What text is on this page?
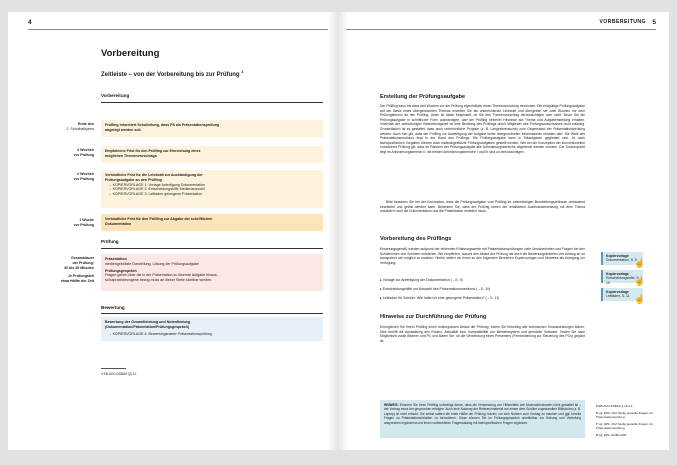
4
Vorbereitung
Zeitleiste – von der Vorbereitung bis zur Prüfung $^4$
Vorbereitung
Ende des
2. Schulhalbjahrs
Prüfling informiert Schulleitung, dass PS als Präsentationsprüfung
abgelegt werden soll.
3 Wochen
vor Prüfung
Empfohlene Frist für den Prüfling zur Einreichung eines
möglichen Themenvorschlags
2 Wochen
vor Prüfung
Verbindliche Frist für die Lehrkraft zur Aushändigung der
Prüfungsaufgabe an den Prüfling
→ KOPIERVORLAGE 1: Vorlage Anfertigung Dokumentation
→ KOPIERVORLAGE 2: Entscheidungshilfe Medienauswahl
→ KOPIERVORLAGE 3: Leitfaden gelungene Präsentation
1 Woche
vor Prüfung
Verbindliche Frist für den Prüfling zur Abgabe der schriftlichen
Dokumentation
Prüfung
Gesamtdauer
der Prüfung:
30 bis 45 Minuten
Je Prüfungsteil
etwa Hälfte der Zeit
Präsentation
mediengestützte Darstellung, Lösung der Prüfungsaufgabe
Prüfungsgespräch
Fragen gehen über die in der Präsentation zu lösende Aufgabe hinaus,
schulpraxisbezogene bezug muss an dieser Stelle sichtbar werden.
Bewertung
Bewertung der Gesamtleistung und Notenfindung
(Dokumentation/Präsentation/Prüfungsgespräch)
→ KOPIERVORLAGE 4: Bewertungsraster Präsentationsprüfung
4 EB-AVO-DSBAK §§ 3 f.
VORBEREITUNG 5
Erstellung der Prüfungsaufgabe
Der Prüfling kann bis etwa drei Wochen vor der Prüfung eigeninitiativ einen Themenvorschlag einreichen. Die endgültige Prüfungsaufgabe auf der Basis eines übergeordneten Themas erstellen Sie als unterrichtende Lehrkraft und übergeben sie zwei Wochen vor dem Prüfungstermin an den Prüfling. Ihnen ist dabei freigestellt, ob Sie den Themenvorschlag berücksichtigen oder nicht. Bevor Sie die Prüfungsaufgabe in schriftlicher Form aushändigen, darf der Prüfling keinerlei Hinweise auf Thema und Aufgabenstellung erhalten. Innerhalb der zweiwöchigen Bearbeitungszeit ist eine Beratung des Prüflings durch Mitglieder des Prüfungsausschusses nicht zulässig. Grundsätzlich ist es gestattet, dass auch unterrichtliche Projekte (z. B. Langzeitversuche) zum Gegenstand der Präsentationsprüfung werden. Auch hier gilt, dass der Prüfling zur Ausfertigung der Aufgabe keine übergeordneten Informationen erhalten darf. Die Wahl des Präsentationsmediums liegt in der Hand des Prüflings. Die Prüfungsaufgabe kann in Teilaufgaben gegliedert sein. Je nach fachspezifischen Vorgaben können auch materialgestützte Prüfungsaufgaben gestellt werden. Wie bei der Konzeption der konventionellen mündlichen Prüfung gilt, dass im Rahmen der Prüfungsaufgabe alle Anforderungsbereiche abgedeckt werden müssen. Der Schwerpunkt liegt im Anforderungsbereich II, die beiden Anforderungsbereiche I und III sind zu berücksichtigen.
Bitte beachten Sie bei der Konzeption, dass die Prüfungsaufgabe vom Prüfling im zweiwöchigen Bearbeitungszeitraum umfassend bearbeitet und gelöst werden kann. Bedenken Sie, dass der Prüfling neben der inhaltlichen Auseinandersetzung mit dem Thema zusätzlich noch die Dokumentation und die Präsentation erstellen muss.
Vorbereitung des Prüflings
Erwartungsgemäß werden aufgrund der fehlenden Erfahrungswerte mit Präsentationsprüfungen viele Unsicherheiten und Fragen bei den Schülerinnen und Schülern entstehen. Wir empfehlen, sowohl den Ablauf der Prüfung als auch die Bewertungskriterien von Anfang an so transparent wie möglich zu machen. Hierfür stellen wir Ihnen zu den folgenden Bereichen Kopiervorlagen und Hinweise als Anregung zur Verfügung:
▸ Vorlage zur Anfertigung der Dokumentation (→S. 9)
▸ Entscheidungshilfe zur Auswahl des Präsentationsmediums (→S. 10)
▸ Leitfaden für Schüler: Wie halte ich eine gelungene Präsentation? (→S. 11)
Hinweise zur Durchführung der Prüfung
Ermöglichen Sie Ihrem Prüfling einen reibungslosen Ablauf der Prüfung, indem Sie frühzeitig alle technischen Voraussetzungen klären. Dies betrifft die Ausstattung des Raums, Aktualität bzw. Kompatibilität von Betriebssystem und genutzter Software. Testen Sie nach Möglichkeit vorab Beamer und PC und klären Sie, ob die Verwendung eines Presenters (Fernbedienung zur Steuerung des PCs) geplant ist.
HINWEIS: Erinnern Sie Ihren Prüfling unbedingt daran, dass die Verwendung von Hilfsmitteln wie Moderationskarten nicht gestattet ist – der Vortrag muss frei gesprochen erfolgen. Auch eine Nutzung der Referenzmaterial auf einem dem Schüler zugewandten Bildschirm (z. B. Laptop) ist nicht erlaubt. Sie selbst sollten die erste Hälfte der Prüfung nutzen, um sich Notizen zum Vortrag zu machen und ggf. bereits Fragen zu Präsentationsinhalten zu formulieren. Diese können Sie im Prüfungsgespräch unmittelbar zur Klärung und Vertiefung ansprechen ergänzend und ihnen vorbereiteten Fragenkatalog mit fachspezifischen Fragen ergänzen.
Kopiervorlage
Dokumentation, S. 9
☝
Kopiervorlage
Entscheidungshilfe, S. 10	☝
Kopiervorlage
Leitfaden, S. 11 ☝
5 EB-AVO-DSBAK § 16.4.1.
6 vgl. EPA, PA2 häufig gestellte Fragen zur Präsentationsprüfung.
7 vgl. EPA, PA2 häufig gestellte Fragen zur Präsentationsprüfung.
8 vgl. EPA, EGBa AHR.
